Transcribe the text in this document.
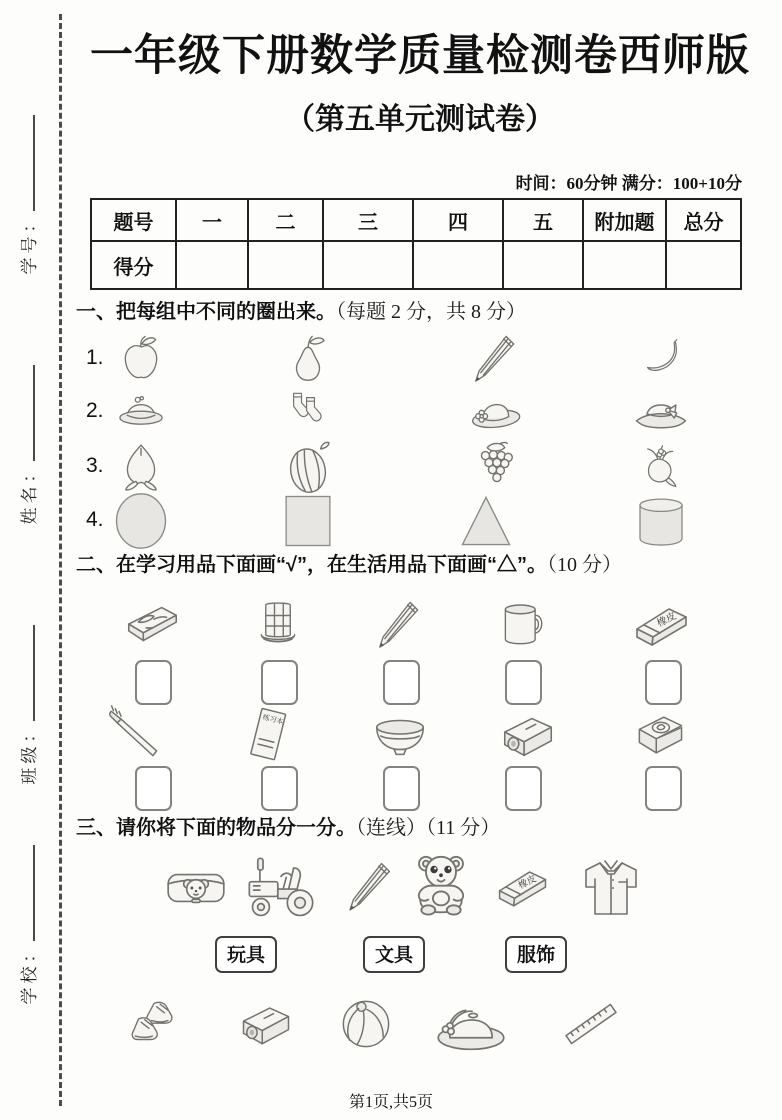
学号：
姓名：
班级：
学校：
一年级下册数学质量检测卷西师版
（第五单元测试卷）
时间：60分钟 满分：100+10分
题号	一	二	三	四	五	附加题	总分
得分							
一、把每组中不同的圈出来。（每题 2 分，共 8 分）
1.
2.
3.
4.
二、在学习用品下面画“√”，在生活用品下面画“△”。（10 分）
三、请你将下面的物品分一分。（连线）（11 分）
玩具	文具	服饰
第1页,共5页
